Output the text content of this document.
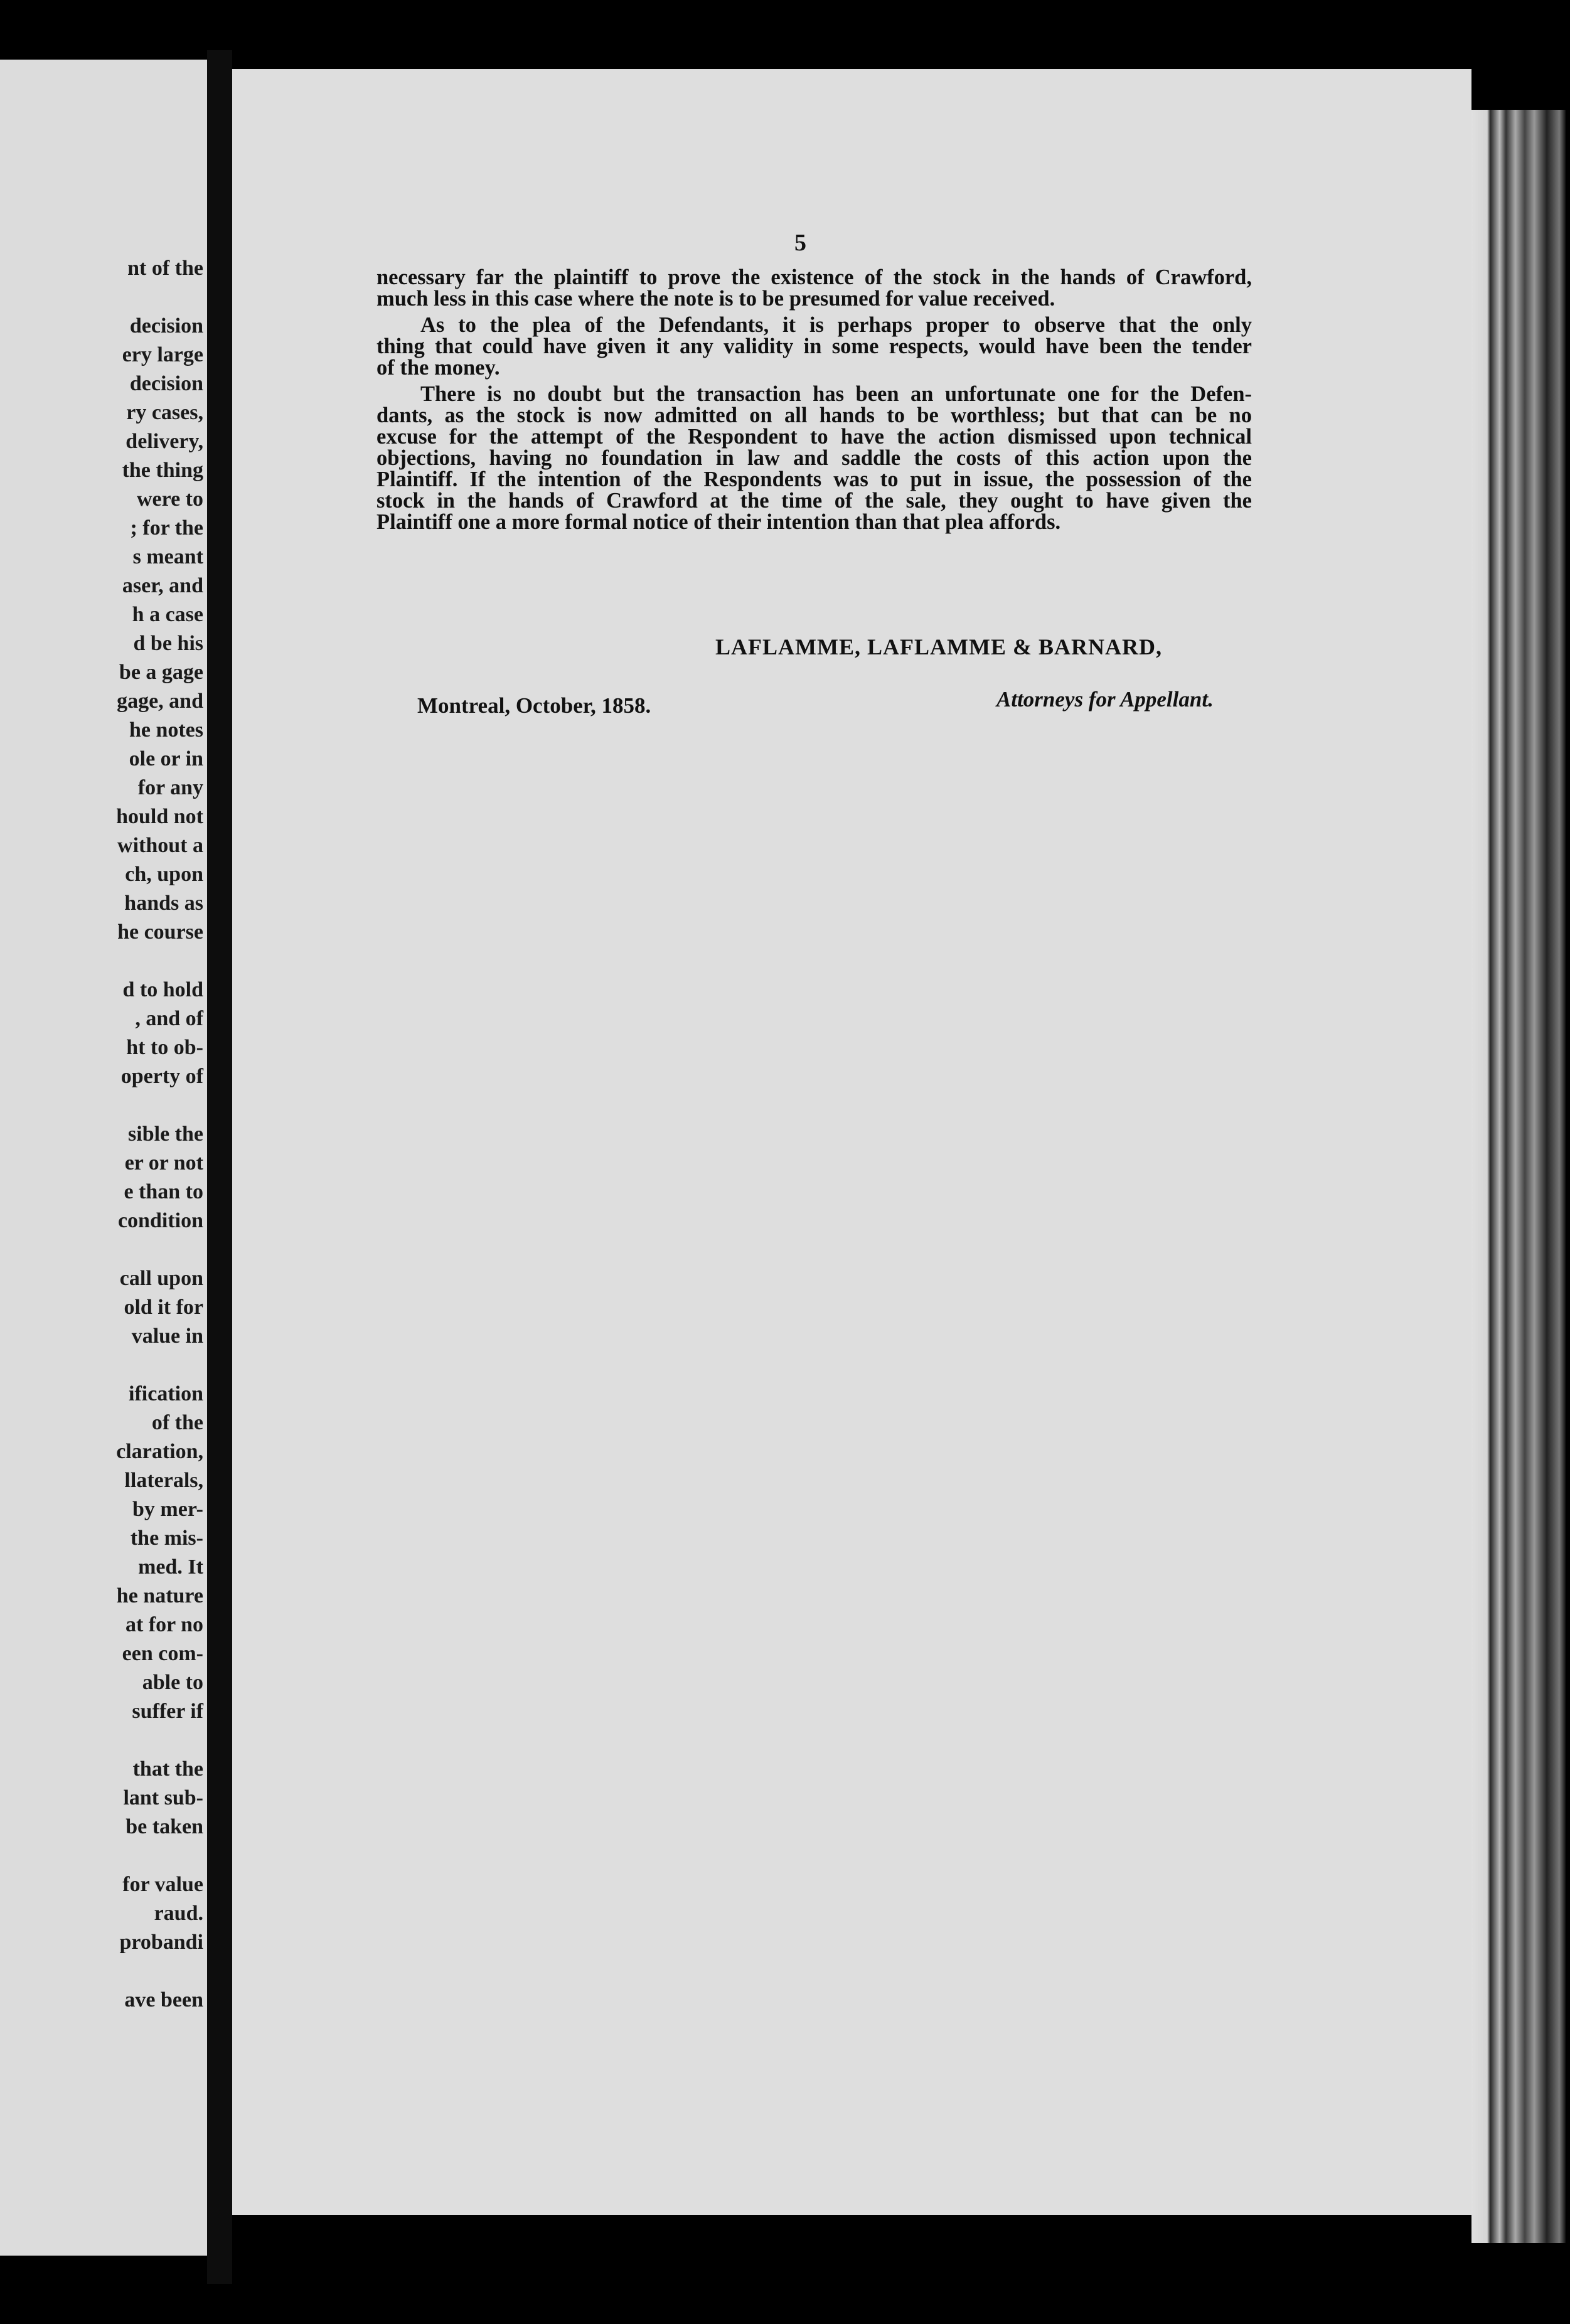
nt of the
decision
ery large
decision
ry cases,
delivery,
the thing
were to
; for the
s meant
aser, and
h a case
d be his
be a gage
gage, and
he notes
ole or in
for any
hould not
without a
ch, upon
hands as
he course
d to hold
, and of
ht to ob-
operty of
sible the
er or not
e than to
condition
call upon
old it for
value in
ification
of the
claration,
llaterals,
by mer-
the mis-
med. It
he nature
at for no
een com-
able to
suffer if
that the
lant sub-
be taken
for value
raud.
probandi
ave been
5
necessary far the plaintiff to prove the existence of the stock in the hands of Crawford,
much less in this case where the note is to be presumed for value received.
As to the plea of the Defendants, it is perhaps proper to observe that the only
thing that could have given it any validity in some respects, would have been the tender
of the money.
There is no doubt but the transaction has been an unfortunate one for the Defen-
dants, as the stock is now admitted on all hands to be worthless; but that can be no
excuse for the attempt of the Respondent to have the action dismissed upon technical
objections, having no foundation in law and saddle the costs of this action upon the
Plaintiff. If the intention of the Respondents was to put in issue, the possession of the
stock in the hands of Crawford at the time of the sale, they ought to have given the
Plaintiff one a more formal notice of their intention than that plea affords.
LAFLAMME, LAFLAMME & BARNARD,
Montreal, October, 1858.	Attorneys for Appellant.
